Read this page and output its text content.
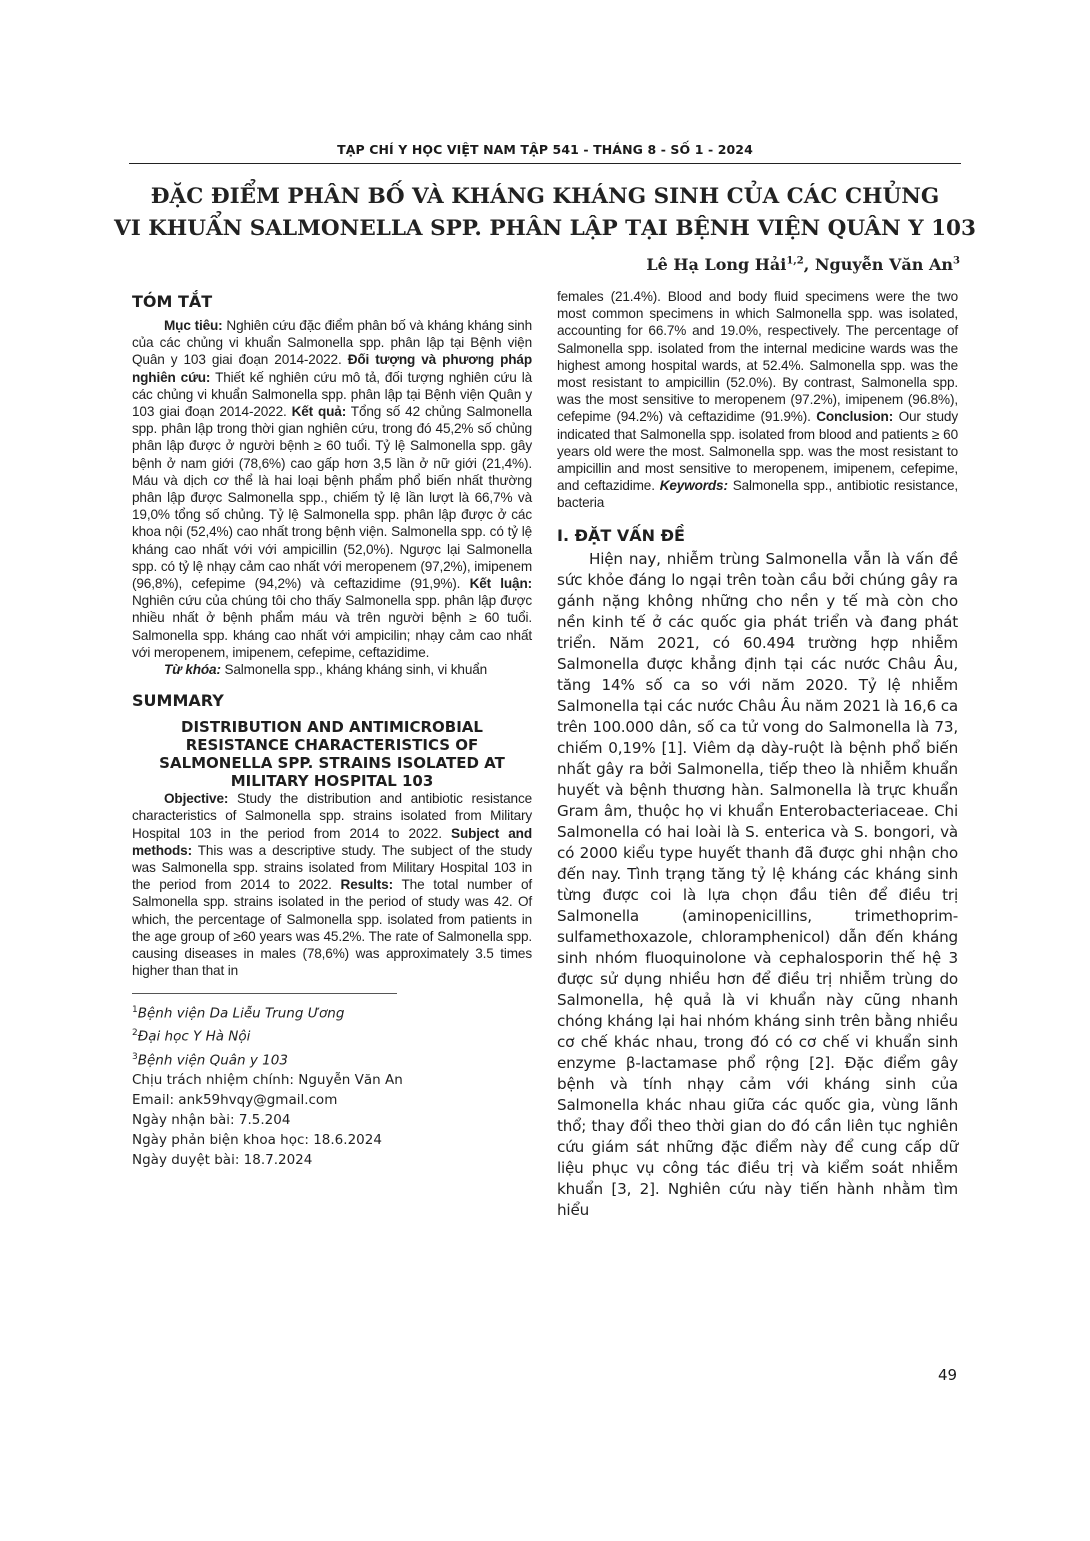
TẠP CHÍ Y HỌC VIỆT NAM TẬP 541 - THÁNG 8 - SỐ 1 - 2024
ĐẶC ĐIỂM PHÂN BỐ VÀ KHÁNG KHÁNG SINH CỦA CÁC CHỦNG
VI KHUẨN SALMONELLA SPP. PHÂN LẬP TẠI BỆNH VIỆN QUÂN Y 103
Lê Hạ Long Hải$^{1,2}$, Nguyễn Văn An$^3$
TÓM TẮT

Mục tiêu: Nghiên cứu đặc điểm phân bố và kháng kháng sinh của các chủng vi khuẩn Salmonella spp. phân lập tại Bệnh viện Quân y 103 giai đoạn 2014-2022. Đối tượng và phương pháp nghiên cứu: Thiết kế nghiên cứu mô tả, đối tượng nghiên cứu là các chủng vi khuẩn Salmonella spp. phân lập tại Bệnh viện Quân y 103 giai đoạn 2014-2022. Kết quả: Tổng số 42 chủng Salmonella spp. phân lập trong thời gian nghiên cứu, trong đó 45,2% số chủng phân lập được ở người bệnh ≥ 60 tuổi. Tỷ lệ Salmonella spp. gây bệnh ở nam giới (78,6%) cao gấp hơn 3,5 lần ở nữ giới (21,4%). Máu và dịch cơ thể là hai loại bệnh phẩm phổ biến nhất thường phân lập được Salmonella spp., chiếm tỷ lệ lần lượt là 66,7% và 19,0% tổng số chủng. Tỷ lệ Salmonella spp. phân lập được ở các khoa nội (52,4%) cao nhất trong bệnh viện. Salmonella spp. có tỷ lệ kháng cao nhất với với ampicillin (52,0%). Ngược lại Salmonella spp. có tỷ lệ nhạy cảm cao nhất với meropenem (97,2%), imipenem (96,8%), cefepime (94,2%) và ceftazidime (91,9%). Kết luận: Nghiên cứu của chúng tôi cho thấy Salmonella spp. phân lập được nhiều nhất ở bệnh phẩm máu và trên người bệnh ≥ 60 tuổi. Salmonella spp. kháng cao nhất với ampicilin; nhạy cảm cao nhất với meropenem, imipenem, cefepime, ceftazidime.

Từ khóa: Salmonella spp., kháng kháng sinh, vi khuẩn

SUMMARY
DISTRIBUTION AND ANTIMICROBIAL
RESISTANCE CHARACTERISTICS OF
SALMONELLA SPP. STRAINS ISOLATED AT
MILITARY HOSPITAL 103

Objective: Study the distribution and antibiotic resistance characteristics of Salmonella spp. strains isolated from Military Hospital 103 in the period from 2014 to 2022. Subject and methods: This was a descriptive study. The subject of the study was Salmonella spp. strains isolated from Military Hospital 103 in the period from 2014 to 2022. Results: The total number of Salmonella spp. strains isolated in the period of study was 42. Of which, the percentage of Salmonella spp. isolated from patients in the age group of ≥60 years was 45.2%. The rate of Salmonella spp. causing diseases in males (78,6%) was approximately 3.5 times higher than that in

$^1$Bệnh viện Da Liễu Trung Ương

$^2$Đại học Y Hà Nội

$^3$Bệnh viện Quân y 103

Chịu trách nhiệm chính: Nguyễn Văn An

Email: ank59hvqy@gmail.com

Ngày nhận bài: 7.5.204

Ngày phản biện khoa học: 18.6.2024

Ngày duyệt bài: 18.7.2024

females (21.4%). Blood and body fluid specimens were the two most common specimens in which Salmonella spp. was isolated, accounting for 66.7% and 19.0%, respectively. The percentage of Salmonella spp. isolated from the internal medicine wards was the highest among hospital wards, at 52.4%. Salmonella spp. was the most resistant to ampicillin (52.0%). By contrast, Salmonella spp. was the most sensitive to meropenem (97.2%), imipenem (96.8%), cefepime (94.2%) và ceftazidime (91.9%). Conclusion: Our study indicated that Salmonella spp. isolated from blood and patients ≥ 60 years old were the most. Salmonella spp. was the most resistant to ampicillin and most sensitive to meropenem, imipenem, cefepime, and ceftazidime. Keywords: Salmonella spp., antibiotic resistance, bacteria

I. ĐẶT VẤN ĐỀ

Hiện nay, nhiễm trùng Salmonella vẫn là vấn đề sức khỏe đáng lo ngại trên toàn cầu bởi chúng gây ra gánh nặng không những cho nền y tế mà còn cho nền kinh tế ở các quốc gia phát triển và đang phát triển. Năm 2021, có 60.494 trường hợp nhiễm Salmonella được khẳng định tại các nước Châu Âu, tăng 14% số ca so với năm 2020. Tỷ lệ nhiễm Salmonella tại các nước Châu Âu năm 2021 là 16,6 ca trên 100.000 dân, số ca tử vong do Salmonella là 73, chiếm 0,19% [1]. Viêm dạ dày-ruột là bệnh phổ biến nhất gây ra bởi Salmonella, tiếp theo là nhiễm khuẩn huyết và bệnh thương hàn. Salmonella là trực khuẩn Gram âm, thuộc họ vi khuẩn Enterobacteriaceae. Chi Salmonella có hai loài là S. enterica và S. bongori, và có 2000 kiểu type huyết thanh đã được ghi nhận cho đến nay. Tình trạng tăng tỷ lệ kháng các kháng sinh từng được coi là lựa chọn đầu tiên để điều trị Salmonella (aminopenicillins, trimethoprim-sulfamethoxazole, chloramphenicol) dẫn đến kháng sinh nhóm fluoquinolone và cephalosporin thế hệ 3 được sử dụng nhiều hơn để điều trị nhiễm trùng do Salmonella, hệ quả là vi khuẩn này cũng nhanh chóng kháng lại hai nhóm kháng sinh trên bằng nhiều cơ chế khác nhau, trong đó có cơ chế vi khuẩn sinh enzyme β-lactamase phổ rộng [2]. Đặc điểm gây bệnh và tính nhạy cảm với kháng sinh của Salmonella khác nhau giữa các quốc gia, vùng lãnh thổ; thay đổi theo thời gian do đó cần liên tục nghiên cứu giám sát những đặc điểm này để cung cấp dữ liệu phục vụ công tác điều trị và kiểm soát nhiễm khuẩn [3, 2]. Nghiên cứu này tiến hành nhằm tìm hiểu

49
